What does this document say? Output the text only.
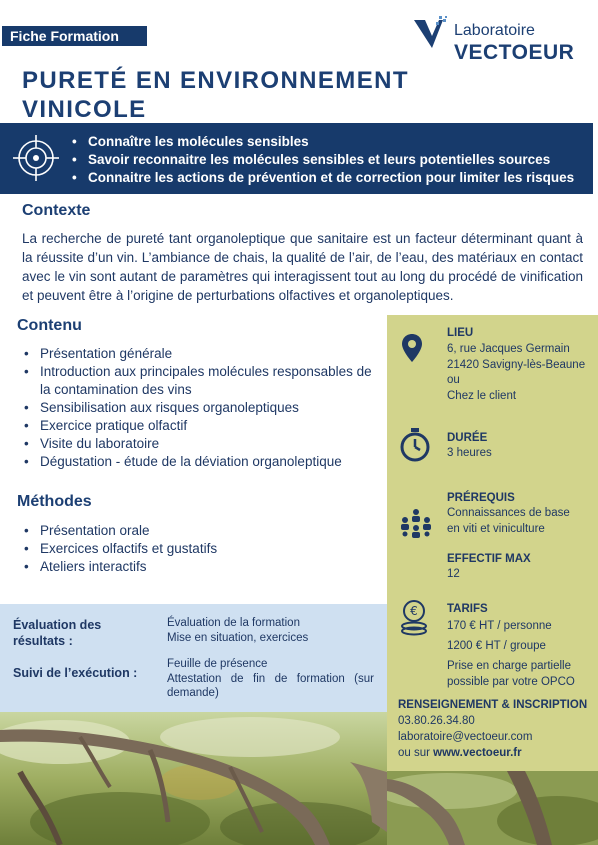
Fiche Formation	Laboratoire
VECTOEUR
PURETÉ EN ENVIRONNEMENT
VINICOLE
• Connaître les molécules sensibles
• Savoir reconnaitre les molécules sensibles et leurs potentielles sources
• Connaitre les actions de prévention et de correction pour limiter les risques
Contexte

La recherche de pureté tant organoleptique que sanitaire est un facteur déterminant quant à la réussite d’un vin. L’ambiance de chais, la qualité de l’air, de l’eau, des matériaux en contact avec le vin sont autant de paramètres qui interagissent tout au long du procédé de vinification et peuvent être à l’origine de perturbations olfactives et organoleptiques.

Contenu
• Présentation générale
• Introduction aux principales molécules responsables de la contamination des vins
• Sensibilisation aux risques organoleptiques
• Exercice pratique olfactif
• Visite du laboratoire
• Dégustation - étude de la déviation organoleptique
Méthodes
• Présentation orale
• Exercices olfactifs et gustatifs
• Ateliers interactifs
LIEU
6, rue Jacques Germain
21420 Savigny-lès-Beaune
ou
Chez le client
DURÉE
3 heures
PRÉREQUIS
Connaissances de base
en viti et viniculture
EFFECTIF MAX
12
€	TARIFS
170 € HT / personne
1200 € HT / groupe
Prise en charge partielle
possible par votre OPCO
RENSEIGNEMENT & INSCRIPTION
03.80.26.34.80
laboratoire@vectoeur.com
ou sur www.vectoeur.fr
Évaluation des
résultats :
Évaluation de la formation
Mise en situation, exercices
Suivi de l’exécution :
Feuille de présence
Attestation de fin de formation (sur demande)
